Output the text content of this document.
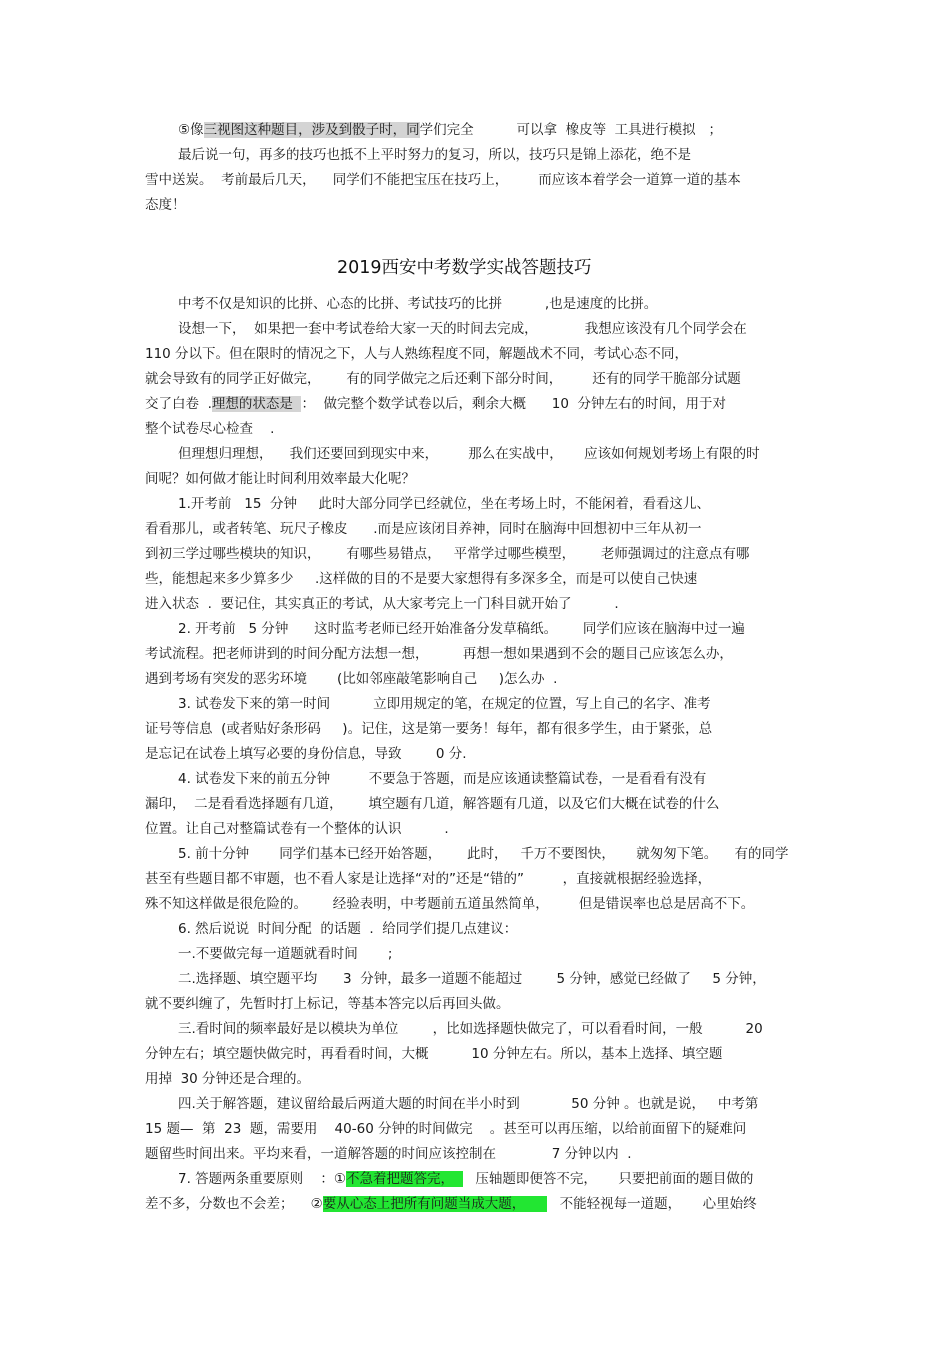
⑤像三视图这种题目，涉及到骰子时，同学们完全          可以拿  橡皮等  工具进行模拟   ；
最后说一句，再多的技巧也抵不上平时努力的复习，所以，技巧只是锦上添花，绝不是
雪中送炭。  考前最后几天，    同学们不能把宝压在技巧上，       而应该本着学会一道算一道的基本
态度！
2019西安中考数学实战答题技巧
中考不仅是知识的比拼、心态的比拼、考试技巧的比拼          ,也是速度的比拼。
设想一下，  如果把一套中考试卷给大家一天的时间去完成，           我想应该没有几个同学会在
110 分以下。但在限时的情况之下，人与人熟练程度不同，解题战术不同，考试心态不同，
就会导致有的同学正好做完，      有的同学做完之后还剩下部分时间，       还有的同学干脆部分试题
交了白卷  .理想的状态是  ：  做完整个数学试卷以后，剩余大概      10  分钟左右的时间，用于对
整个试卷尽心检查    .
但理想归理想，    我们还要回到现实中来，       那么在实战中，     应该如何规划考场上有限的时
间呢？如何做才能让时间利用效率最大化呢？
1.开考前   15  分钟     此时大部分同学已经就位，坐在考场上时，不能闲着，看看这儿、
看看那儿，或者转笔、玩尺子橡皮      .而是应该闭目养神，同时在脑海中回想初中三年从初一
到初三学过哪些模块的知识，      有哪些易错点，   平常学过哪些模型，      老师强调过的注意点有哪
些，能想起来多少算多少     .这样做的目的不是要大家想得有多深多全，而是可以使自己快速
进入状态  .  要记住，其实真正的考试，从大家考完上一门科目就开始了          .
2. 开考前   5 分钟      这时监考老师已经开始准备分发草稿纸。      同学们应该在脑海中过一遍
考试流程。把老师讲到的时间分配方法想一想，        再想一想如果遇到不会的题目己应该怎么办，
遇到考场有突发的恶劣环境       (比如邻座敲笔影响自己     )怎么办  .
3. 试卷发下来的第一时间          立即用规定的笔，在规定的位置，写上自己的名字、准考
证号等信息  (或者贴好条形码     )。记住，这是第一要务！每年，都有很多学生，由于紧张，总
是忘记在试卷上填写必要的身份信息，导致        0 分.
4. 试卷发下来的前五分钟         不要急于答题，而是应该通读整篇试卷，一是看看有没有
漏印，  二是看看选择题有几道，      填空题有几道，解答题有几道，以及它们大概在试卷的什么
位置。让自己对整篇试卷有一个整体的认识          .
5. 前十分钟       同学们基本已经开始答题，      此时，   千万不要图快，     就匆匆下笔。    有的同学
甚至有些题目都不审题，也不看人家是让选择“对的”还是“错的”         ，直接就根据经验选择，
殊不知这样做是很危险的。      经验表明，中考题前五道虽然简单，       但是错误率也总是居高不下。
6. 然后说说  时间分配  的话题  .  给同学们提几点建议：
一.不要做完每一道题就看时间       ;
二.选择题、填空题平均      3  分钟，最多一道题不能超过        5 分钟，感觉已经做了     5 分钟，
就不要纠缠了，先暂时打上标记，等基本答完以后再回头做。
三.看时间的频率最好是以模块为单位        ，比如选择题快做完了，可以看看时间，一般          20
分钟左右；填空题快做完时，再看看时间，大概          10 分钟左右。所以，基本上选择、填空题
用掉  30 分钟还是合理的。
四.关于解答题，建议留给最后两道大题的时间在半小时到            50 分钟 。也就是说，   中考第
15 题—  第  23  题，需要用    40-60 分钟的时间做完    。甚至可以再压缩，以给前面留下的疑难问
题留些时间出来。平均来看，一道解答题的时间应该控制在             7 分钟以内  .
7. 答题两条重要原则    ：①不急着把题答完，     压轴题即便答不完，     只要把前面的题目做的
差不多，分数也不会差；    ②要从心态上把所有问题当成大题，        不能轻视每一道题，     心里始终
